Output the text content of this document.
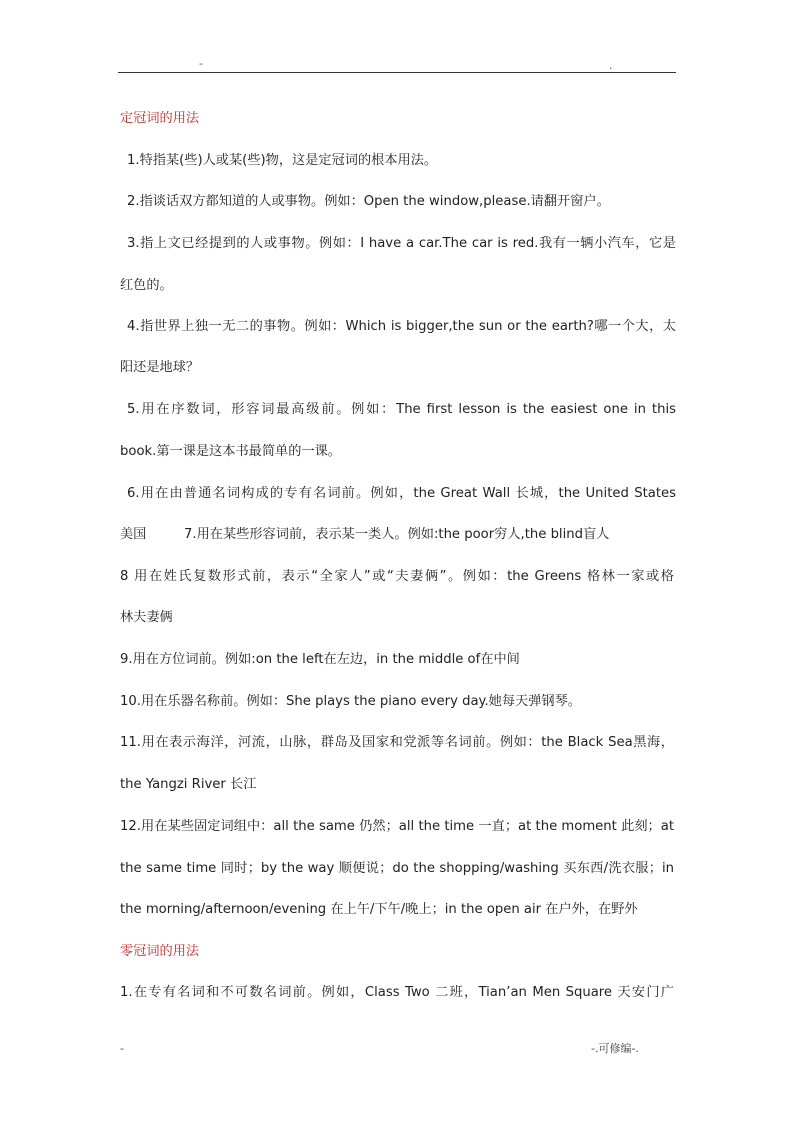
-	.
定冠词的用法
1.特指某(些)人或某(些)物，这是定冠词的根本用法。
2.指谈话双方都知道的人或事物。例如：Open the window,please.请翻开窗户。
3.指上文已经提到的人或事物。例如：I have a car.The car is red.我有一辆小汽车，它是
红色的。
4.指世界上独一无二的事物。例如：Which is bigger,the sun or the earth?哪一个大，太
阳还是地球？
5.用在序数词，形容词最高级前。例如：The first lesson is the easiest one in this
book.第一课是这本书最简单的一课。
6.用在由普通名词构成的专有名词前。例如，the Great Wall 长城，the United States
美国	7.用在某些形容词前，表示某一类人。例如:the poor穷人,the blind盲人
8 用在姓氏复数形式前，表示“全家人”或“夫妻俩”。例如：the Greens 格林一家或格
林夫妻俩
9.用在方位词前。例如:on the left在左边，in the middle of在中间
10.用在乐器名称前。例如：She plays the piano every day.她每天弹钢琴。
11.用在表示海洋，河流，山脉，群岛及国家和党派等名词前。例如：the Black Sea黑海，
the Yangzi River 长江
12.用在某些固定词组中：all the same 仍然；all the time 一直；at the moment 此刻；at
the same time 同时；by the way 顺便说；do the shopping/washing 买东西/洗衣服；in
the morning/afternoon/evening 在上午/下午/晚上；in the open air 在户外，在野外
零冠词的用法
1.在专有名词和不可数名词前。例如，Class Two 二班，Tian’an Men Square 天安门广
-	-.可修编-.
